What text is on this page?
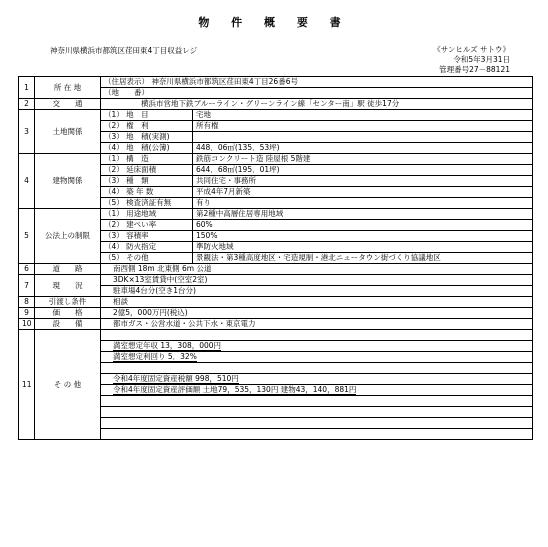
物 件 概 要 書
神奈川県横浜市都筑区荏田東4丁目収益レジ	《サンヒルズ サトウ》
令和5年3月31日
管理番号27－88121
1	所 在 地	（住居表示） 神奈川県横浜市都筑区荏田東4丁目26番6号	
		（地　　番）	
2	交　　通	横浜市営地下鉄ブルーライン・グリーンライン線「センター南」駅 徒歩17分	
3	土地関係	（1） 地　目	宅地
		（2） 権　利	所有権
		（3） 地　積(実測)	
		（4） 地　積(公簿)	448．06㎡(135．53坪)
4	建物関係	（1） 構　造	鉄筋コンクリート造 陸屋根 5階建
		（2） 延床面積	644．68㎡(195．01坪)
		（3） 種　類	共同住宅・事務所
		（4） 築 年 数	平成4年7月新築
		（5） 検査済証有無	有り
5	公法上の制限	（1） 用途地域	第2種中高層住居専用地域
		（2） 建ぺい率	60%
		（3） 容積率	150%
		（4） 防火指定	準防火地域
		（5） その他	景観法・第3種高度地区・宅造規制・港北ニュータウン街づくり協議地区
6	道　　路	南西側 18m 北東側 6m 公道	
7	現　　況	3DK×13室賃貸中(空室2室)	
		駐車場4台分(空き1台分)	
8	引渡し条件	相談	
9	価　　格	2億5，000万円(税込)	
10	設　　備	都市ガス・公営水道・公共下水・東京電力	
11	そ の 他		
		満室想定年収 13，308，000円	
		満室想定利回り 5．32%	

		令和4年度固定資産税額 998，510円	
		令和4年度固定資産評価額 土地79，535，130円 建物43，140，881円	
